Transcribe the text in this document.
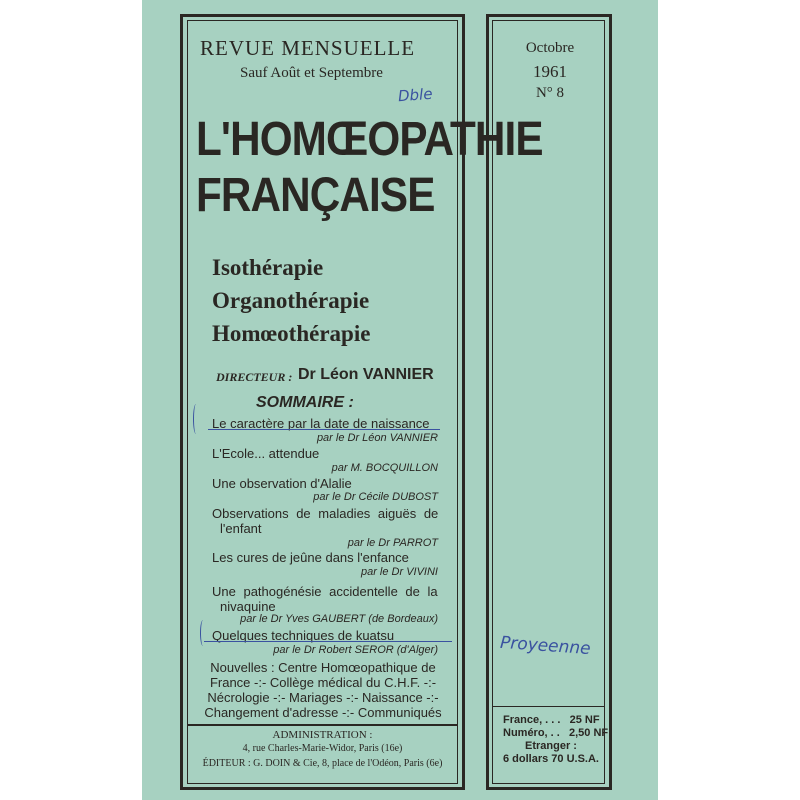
REVUE MENSUELLE
Sauf Août et Septembre
Octobre
1961
N° 8
L'HOMŒOPATHIE
FRANÇAISE
Isothérapie
Organothérapie
Homœothérapie
DIRECTEUR : Dr Léon VANNIER
SOMMAIRE :
Le caractère par la date de naissance
par le Dr Léon VANNIER
L'Ecole... attendue
par M. BOCQUILLON
Une observation d'Alalie
par le Dr Cécile DUBOST
Observations de maladies aiguës de
l'enfant
par le Dr PARROT
Les cures de jeûne dans l'enfance
par le Dr VIVINI
Une pathogénésie accidentelle de la
nivaquine
par le Dr Yves GAUBERT (de Bordeaux)
Quelques techniques de kuatsu
par le Dr Robert SEROR (d'Alger)
Nouvelles : Centre Homœopathique de
France -:- Collège médical du C.H.F. -:-
Nécrologie -:- Mariages -:- Naissance -:-
Changement d'adresse -:- Communiqués
ADMINISTRATION :
4, rue Charles-Marie-Widor, Paris (16e)
ÉDITEUR : G. DOIN & Cie, 8, place de l'Odéon, Paris (6e)
France, . . .   25 NF
Numéro, . .   2,50 NF
Etranger :
6 dollars 70 U.S.A.
Dble
Proyeenne
